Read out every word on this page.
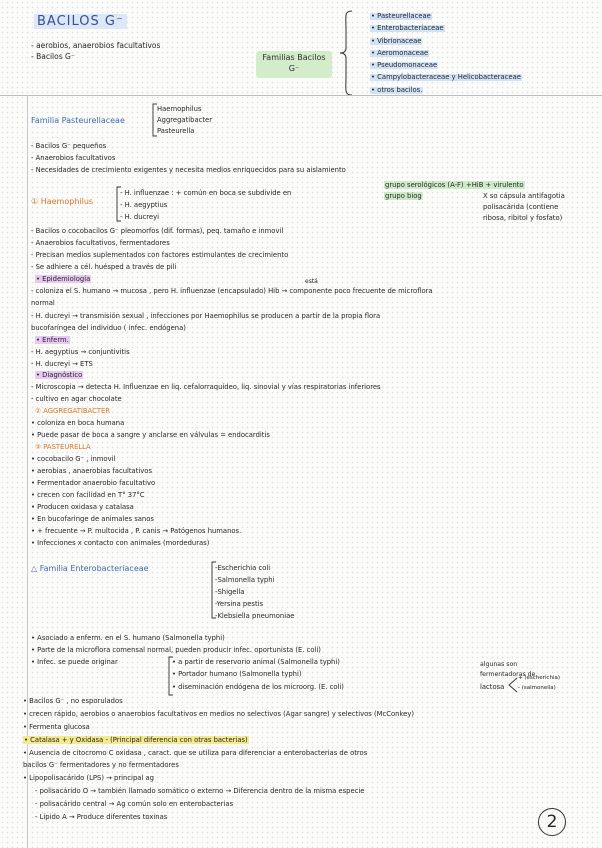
BACILOS G⁻
- aerobios, anaerobios facultativos
- Bacilos G⁻	Familias Bacilos G⁻
• Pasteurellaceae
• Enterobacteriaceae
• Vibrionaceae
• Aeromonaceae
• Pseudomonaceae
• Campylobacteraceae y Helicobacteraceae
• otros bacilos.
Familia Pasteurellaceae
Haemophilus
Aggregatibacter
Pasteurella
- Bacilos G⁻ pequeños
- Anaerobios facultativos
- Necesidades de crecimiento exigentes y necesita medios enriquecidos para su aislamiento
① Haemophilus
- H. influenzae : + común en boca se subdivide en
- H. aegyptius
- H. ducreyi
grupo serológicos (A-F)
grupo biog
+HiB + virulento
X so cápsula antifagotia
polisacárida (contiene
ribosa, ribitol y fosfato)
- Bacilos o cocobacilos G⁻ pleomorfos (dif. formas), peq. tamaño e inmovil
- Anaerobios facultativos, fermentadores
- Precisan medios suplementados con factores estimulantes de crecimiento
- Se adhiere a cél. huésped a través de pili
• Epidemiología	está
- coloniza el S. humano → mucosa , pero H. influenzae (encapsulado) Hib → componente poco frecuente de microflora
normal
- H. ducreyi → transmisión sexual , infecciones por Haemophilus se producen a partir de la propia flora
bucofaríngea del individuo ( infec. endógena)
• Enferm.
- H. aegyptius → conjuntivitis
- H. ducreyi → ETS
• Diagnóstico
- Microscopia → detecta H. Influenzae en liq. cefalorraquídeo, liq. sinovial y vías respiratorias inferiores
- cultivo en agar chocolate
② AGGREGATIBACTER
• coloniza en boca humana
• Puede pasar de boca a sangre y anclarse en válvulas = endocarditis
③ PASTEURELLA
• cocobacilo G⁻ , inmovil
• aerobias , anaerobias facultativos
• Fermentador anaerobio facultativo
• crecen con facilidad en T° 37°C
• Producen oxidasa y catalasa
• En bucofaringe de animales sanos
• + frecuente → P. multocida , P. canis → Patógenos humanos.
• Infecciones x contacto con animales (mordeduras)
△ Familia Enterobacteriaceae	-Escherichia coli
-Salmonella typhi
-Shigella
-Yersina pestis
-Klebsiella pneumoniae
• Asociado a enferm. en el S. humano (Salmonella typhi)
• Parte de la microflora comensal normal, pueden producir infec. oportunista (E. coli)
• Infec. se puede originar	• a partir de reservorio animal (Salmonella typhi)
• Portador humano (Salmonella typhi)
• diseminación endógena de los microorg. (E. coli)
algunas son
fermentadoras de
lactosa
+ (escherichia)
- (salmonella)
• Bacilos G⁻ , no esporulados
• crecen rápido, aerobios o anaerobios facultativos en medios no selectivos (Agar sangre) y selectivos (McConkey)
• Fermenta glucosa
• Catalasa + y Oxidasa - (Principal diferencia con otras bacterias)
• Ausencia de citocromo C oxidasa , caract. que se utiliza para diferenciar a enterobacterias de otros
bacilos G⁻ fermentadores y no fermentadores
• Lipopolisacárido (LPS) → principal ag
- polisacárido O → también llamado somático o externo → Diferencia dentro de la misma especie
- polisacárido central → Ag común solo en enterobacterias
- Lípido A → Produce diferentes toxinas	2
